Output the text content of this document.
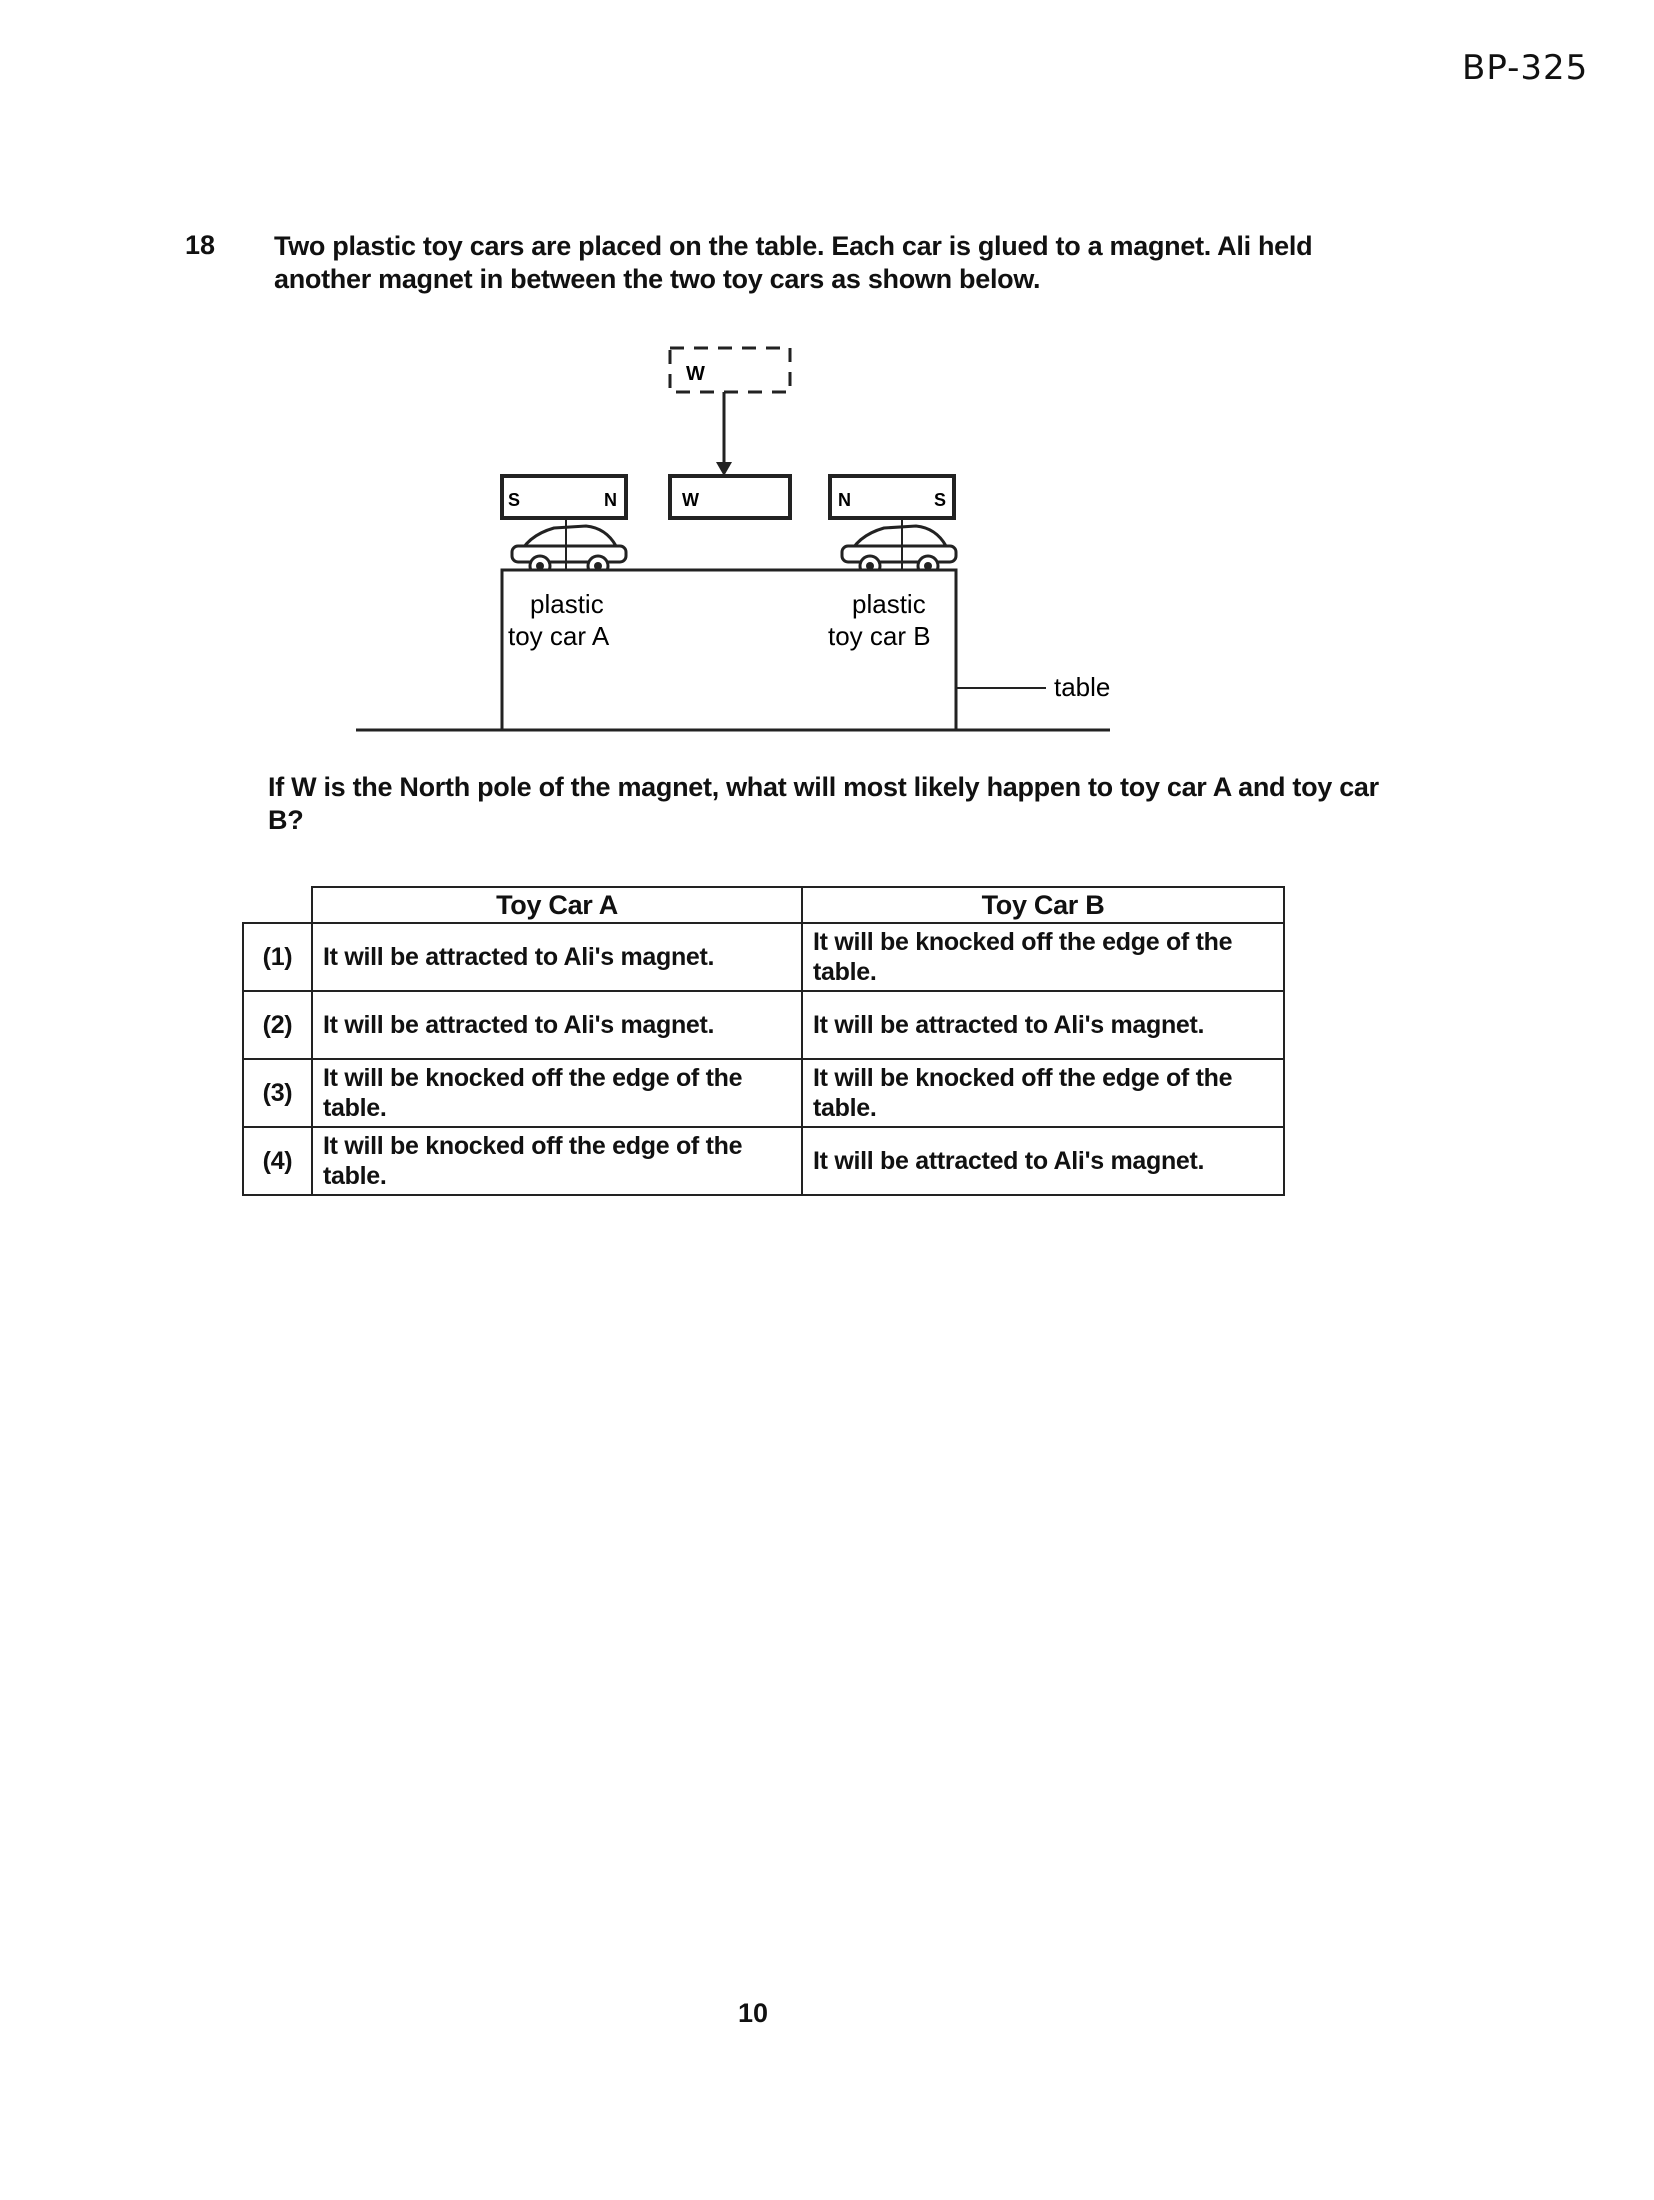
BP-325
18 Two plastic toy cars are placed on the table. Each car is glued to a magnet. Ali held another magnet in between the two toy cars as shown below.
W
S	N	W	N	S
plastic
toy car A
plastic
toy car B
table
If W is the North pole of the magnet, what will most likely happen to toy car A and toy car B?
	Toy Car A	Toy Car B
(1)	It will be attracted to Ali's magnet.	It will be knocked off the edge of the table.
(2)	It will be attracted to Ali's magnet.	It will be attracted to Ali's magnet.
(3)	It will be knocked off the edge of the table.	It will be knocked off the edge of the table.
(4)	It will be knocked off the edge of the table.	It will be attracted to Ali's magnet.
10
